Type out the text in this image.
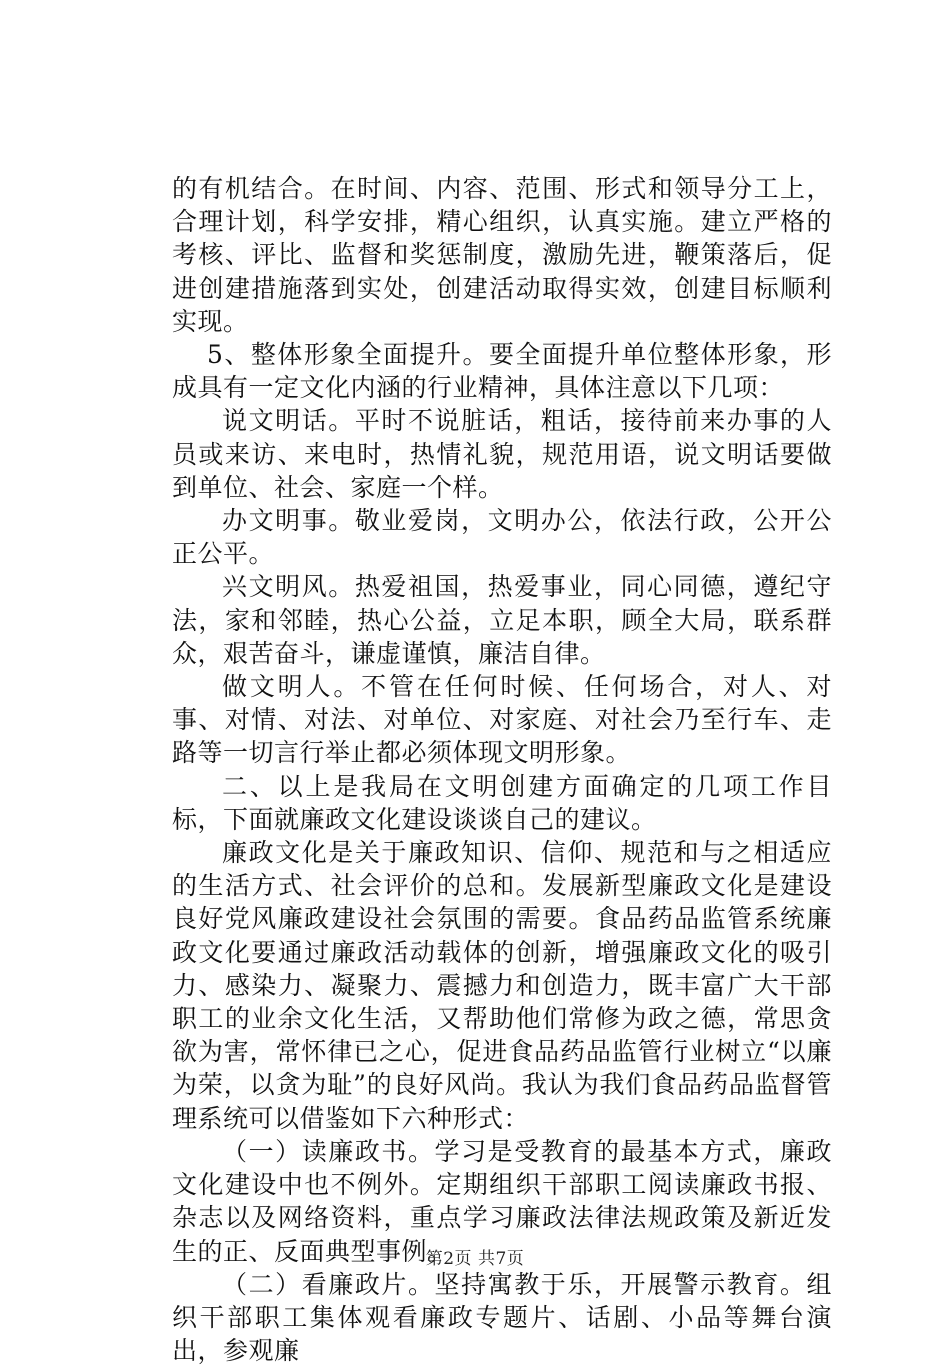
的有机结合。在时间、内容、范围、形式和领导分工上，合理计划，科学安排，精心组织，认真实施。建立严格的考核、评比、监督和奖惩制度，激励先进，鞭策落后，促进创建措施落到实处，创建活动取得实效，创建目标顺利实现。

5、整体形象全面提升。要全面提升单位整体形象，形成具有一定文化内涵的行业精神，具体注意以下几项：

说文明话。平时不说脏话，粗话，接待前来办事的人员或来访、来电时，热情礼貌，规范用语，说文明话要做到单位、社会、家庭一个样。

办文明事。敬业爱岗，文明办公，依法行政，公开公正公平。

兴文明风。热爱祖国，热爱事业，同心同德，遵纪守法，家和邻睦，热心公益，立足本职，顾全大局，联系群众，艰苦奋斗，谦虚谨慎，廉洁自律。

做文明人。不管在任何时候、任何场合，对人、对事、对情、对法、对单位、对家庭、对社会乃至行车、走路等一切言行举止都必须体现文明形象。

二、以上是我局在文明创建方面确定的几项工作目标，下面就廉政文化建设谈谈自己的建议。

廉政文化是关于廉政知识、信仰、规范和与之相适应的生活方式、社会评价的总和。发展新型廉政文化是建设良好党风廉政建设社会氛围的需要。食品药品监管系统廉政文化要通过廉政活动载体的创新，增强廉政文化的吸引力、感染力、凝聚力、震撼力和创造力，既丰富广大干部职工的业余文化生活，又帮助他们常修为政之德，常思贪欲为害，常怀律已之心，促进食品药品监管行业树立“以廉为荣，以贪为耻”的良好风尚。我认为我们食品药品监督管理系统可以借鉴如下六种形式：

（一）读廉政书。学习是受教育的最基本方式，廉政文化建设中也不例外。定期组织干部职工阅读廉政书报、杂志以及网络资料，重点学习廉政法律法规政策及新近发生的正、反面典型事例。

（二）看廉政片。坚持寓教于乐，开展警示教育。组织干部职工集体观看廉政专题片、话剧、小品等舞台演出，参观廉

第2页 共7页
